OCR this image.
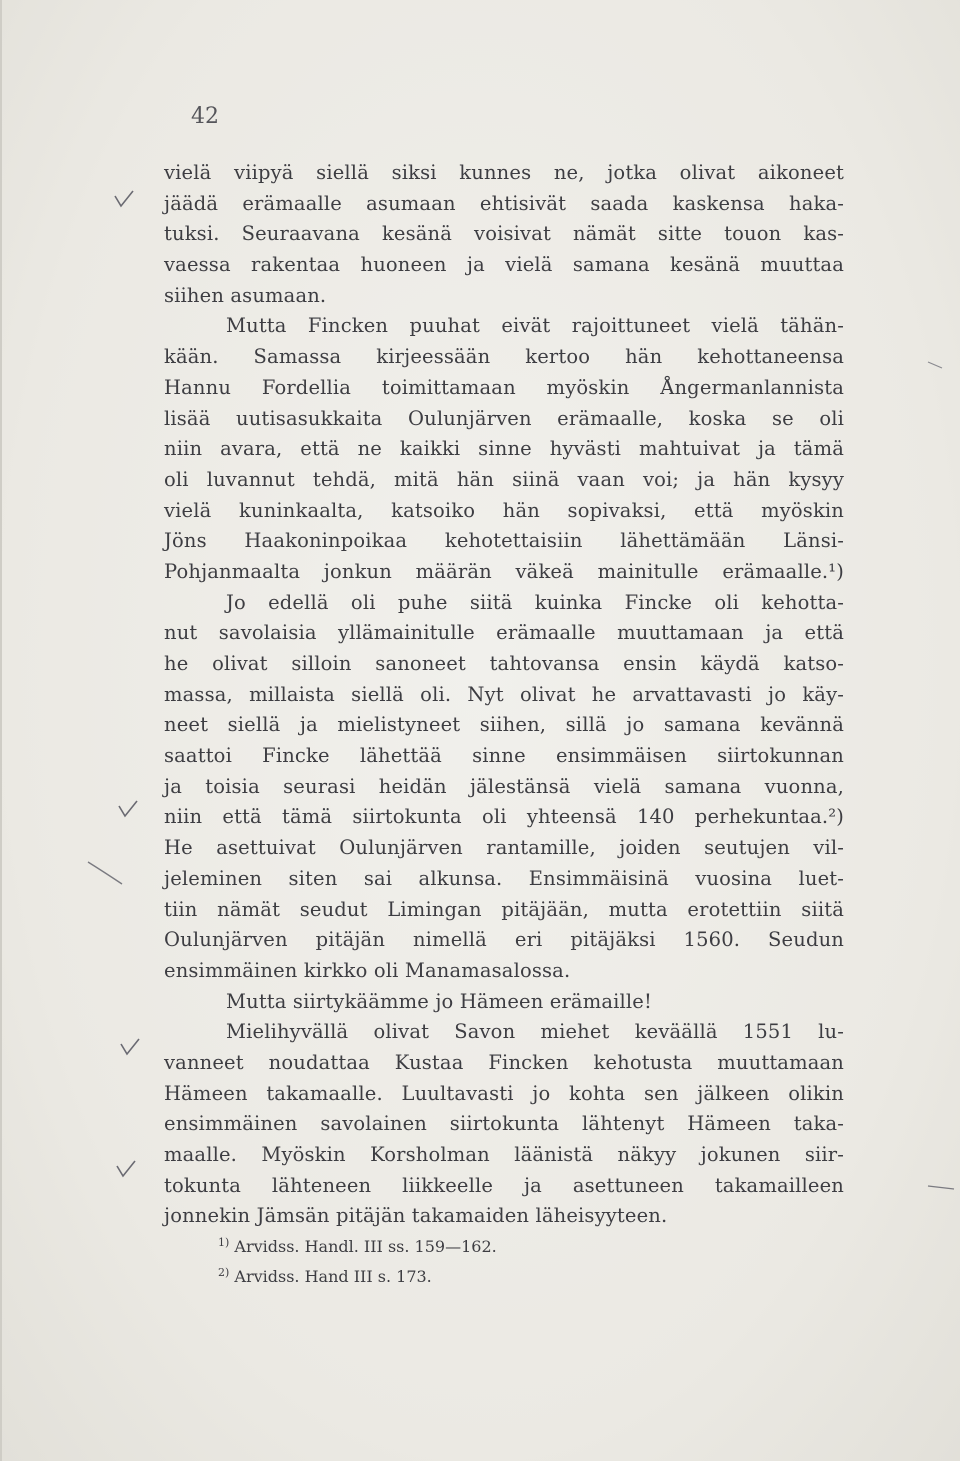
42
vielä viipyä siellä siksi kunnes ne, jotka olivat aikoneet
jäädä erämaalle asumaan ehtisivät saada kaskensa haka-
tuksi. Seuraavana kesänä voisivat nämät sitte touon kas-
vaessa rakentaa huoneen ja vielä samana kesänä muuttaa
siihen asumaan.
Mutta Fincken puuhat eivät rajoittuneet vielä tähän-
kään. Samassa kirjeessään kertoo hän kehottaneensa
Hannu Fordellia toimittamaan myöskin Ångermanlannista
lisää uutisasukkaita Oulunjärven erämaalle, koska se oli
niin avara, että ne kaikki sinne hyvästi mahtuivat ja tämä
oli luvannut tehdä, mitä hän siinä vaan voi; ja hän kysyy
vielä kuninkaalta, katsoiko hän sopivaksi, että myöskin
Jöns Haakoninpoikaa kehotettaisiin lähettämään Länsi-
Pohjanmaalta jonkun määrän väkeä mainitulle erämaalle.¹)
Jo edellä oli puhe siitä kuinka Fincke oli kehotta-
nut savolaisia yllämainitulle erämaalle muuttamaan ja että
he olivat silloin sanoneet tahtovansa ensin käydä katso-
massa, millaista siellä oli. Nyt olivat he arvattavasti jo käy-
neet siellä ja mielistyneet siihen, sillä jo samana kevännä
saattoi Fincke lähettää sinne ensimmäisen siirtokunnan
ja toisia seurasi heidän jälestänsä vielä samana vuonna,
niin että tämä siirtokunta oli yhteensä 140 perhekuntaa.²)
He asettuivat Oulunjärven rantamille, joiden seutujen vil-
jeleminen siten sai alkunsa. Ensimmäisinä vuosina luet-
tiin nämät seudut Limingan pitäjään, mutta erotettiin siitä
Oulunjärven pitäjän nimellä eri pitäjäksi 1560. Seudun
ensimmäinen kirkko oli Manamasalossa.
Mutta siirtykäämme jo Hämeen erämaille!
Mielihyvällä olivat Savon miehet keväällä 1551 lu-
vanneet noudattaa Kustaa Fincken kehotusta muuttamaan
Hämeen takamaalle. Luultavasti jo kohta sen jälkeen olikin
ensimmäinen savolainen siirtokunta lähtenyt Hämeen taka-
maalle. Myöskin Korsholman läänistä näkyy jokunen siir-
tokunta lähteneen liikkeelle ja asettuneen takamailleen
jonnekin Jämsän pitäjän takamaiden läheisyyteen.
$^{1)}$ Arvidss. Handl. III ss. 159—162.
$^{2)}$ Arvidss. Hand III s. 173.
